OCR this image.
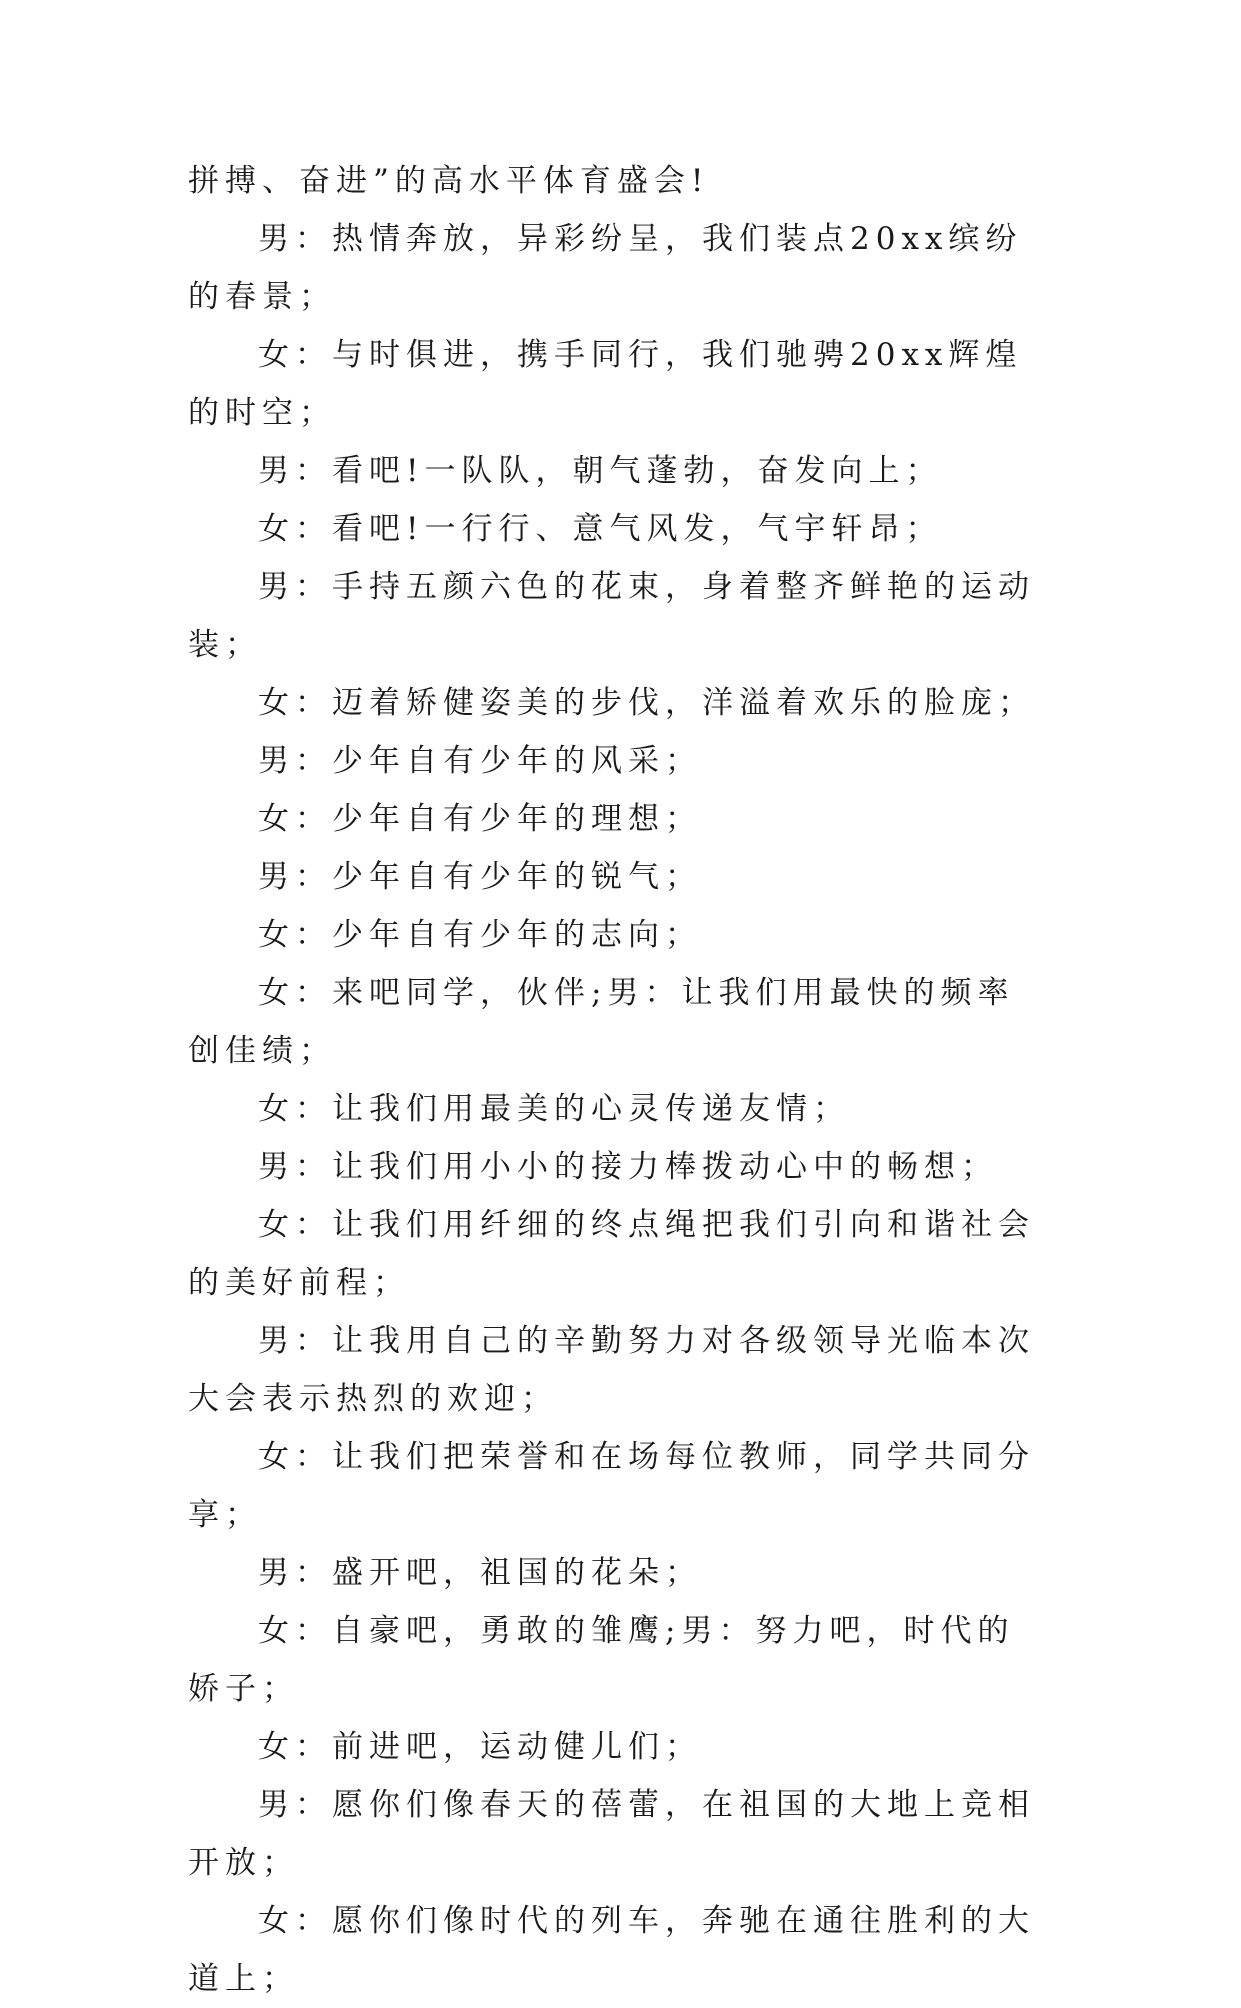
拼搏、奋进”的高水平体育盛会!

男：热情奔放，异彩纷呈，我们装点20xx缤纷的春景；

女：与时俱进，携手同行，我们驰骋20xx辉煌的时空；

男：看吧!一队队，朝气蓬勃，奋发向上；

女：看吧!一行行、意气风发，气宇轩昂；

男：手持五颜六色的花束，身着整齐鲜艳的运动装；

女：迈着矫健姿美的步伐，洋溢着欢乐的脸庞；

男：少年自有少年的风采；

女：少年自有少年的理想；

男：少年自有少年的锐气；

女：少年自有少年的志向；

女：来吧同学，伙伴;男：让我们用最快的频率创佳绩；

女：让我们用最美的心灵传递友情；

男：让我们用小小的接力棒拨动心中的畅想；

女：让我们用纤细的终点绳把我们引向和谐社会的美好前程；

男：让我用自己的辛勤努力对各级领导光临本次大会表示热烈的欢迎；

女：让我们把荣誉和在场每位教师，同学共同分享；

男：盛开吧，祖国的花朵；

女：自豪吧，勇敢的雏鹰;男：努力吧，时代的娇子；

女：前进吧，运动健儿们；

男：愿你们像春天的蓓蕾，在祖国的大地上竞相开放；

女：愿你们像时代的列车，奔驰在通往胜利的大道上；
